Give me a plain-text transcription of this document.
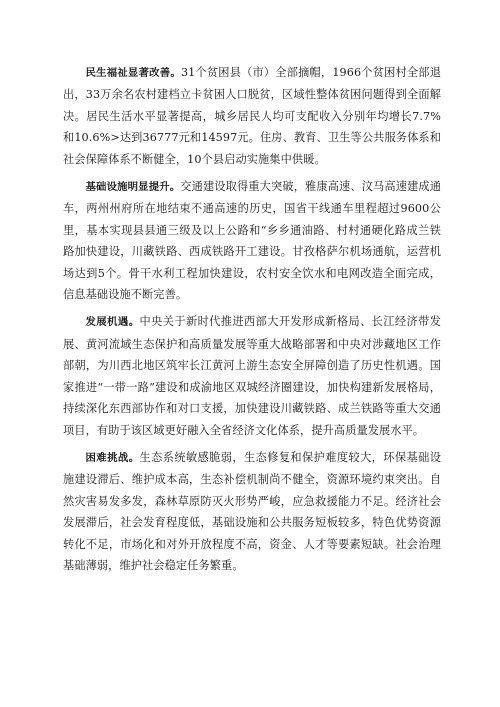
民生福祉显著改善。31个贫困县（市）全部摘帽，1966个贫困村全部退出，33万余名农村建档立卡贫困人口脱贫，区域性整体贫困问题得到全面解决。居民生活水平显著提高，城乡居民人均可支配收入分别年均增长7.7%和10.6%>达到36777元和14597元。住房、教育、卫生等公共服务体系和社会保障体系不断健全，10个县启动实施集中供暖。

基础设施明显提升。交通建设取得重大突破，雅康高速、汶马高速建成通车，两州州府所在地结束不通高速的历史，国省干线通车里程超过9600公里，基本实现县县通三级及以上公路和“乡乡通油路、村村通硬化路成兰铁路加快建设，川藏铁路、西成铁路开工建设。甘孜格萨尔机场通航，运营机场达到5个。骨干水利工程加快建设，农村安全饮水和电网改造全面完成，信息基础设施不断完善。

发展机遇。中央关于新时代推进西部大开发形成新格局、长江经济带发展、黄河流域生态保护和高质量发展等重大战略部署和中央对涉藏地区工作部朝，为川西北地区筑牢长江黄河上游生态安全屏障创造了历史性机遇。国家推进“一带一路”建设和成渝地区双城经济圈建设，加快构建新发展格局，持续深化东西部协作和对口支援，加快建设川藏铁路、成兰铁路等重大交通项目，有助于该区域更好融入全省经济文化体系，提升高质量发展水平。

困难挑战。生态系统敏感脆弱，生态修复和保护难度较大，环保基础设施建设滞后、维护成本高，生态补偿机制尚不健全，资源环境约束突出。自然灾害易发多发，森林草原防灭火形势严峻，应急救援能力不足。经济社会发展滞后，社会发育程度低，基础设施和公共服务短板较多，特色优势资源转化不足，市场化和对外开放程度不高，资金、人才等要素短缺。社会治理基础薄弱，维护社会稳定任务繁重。
